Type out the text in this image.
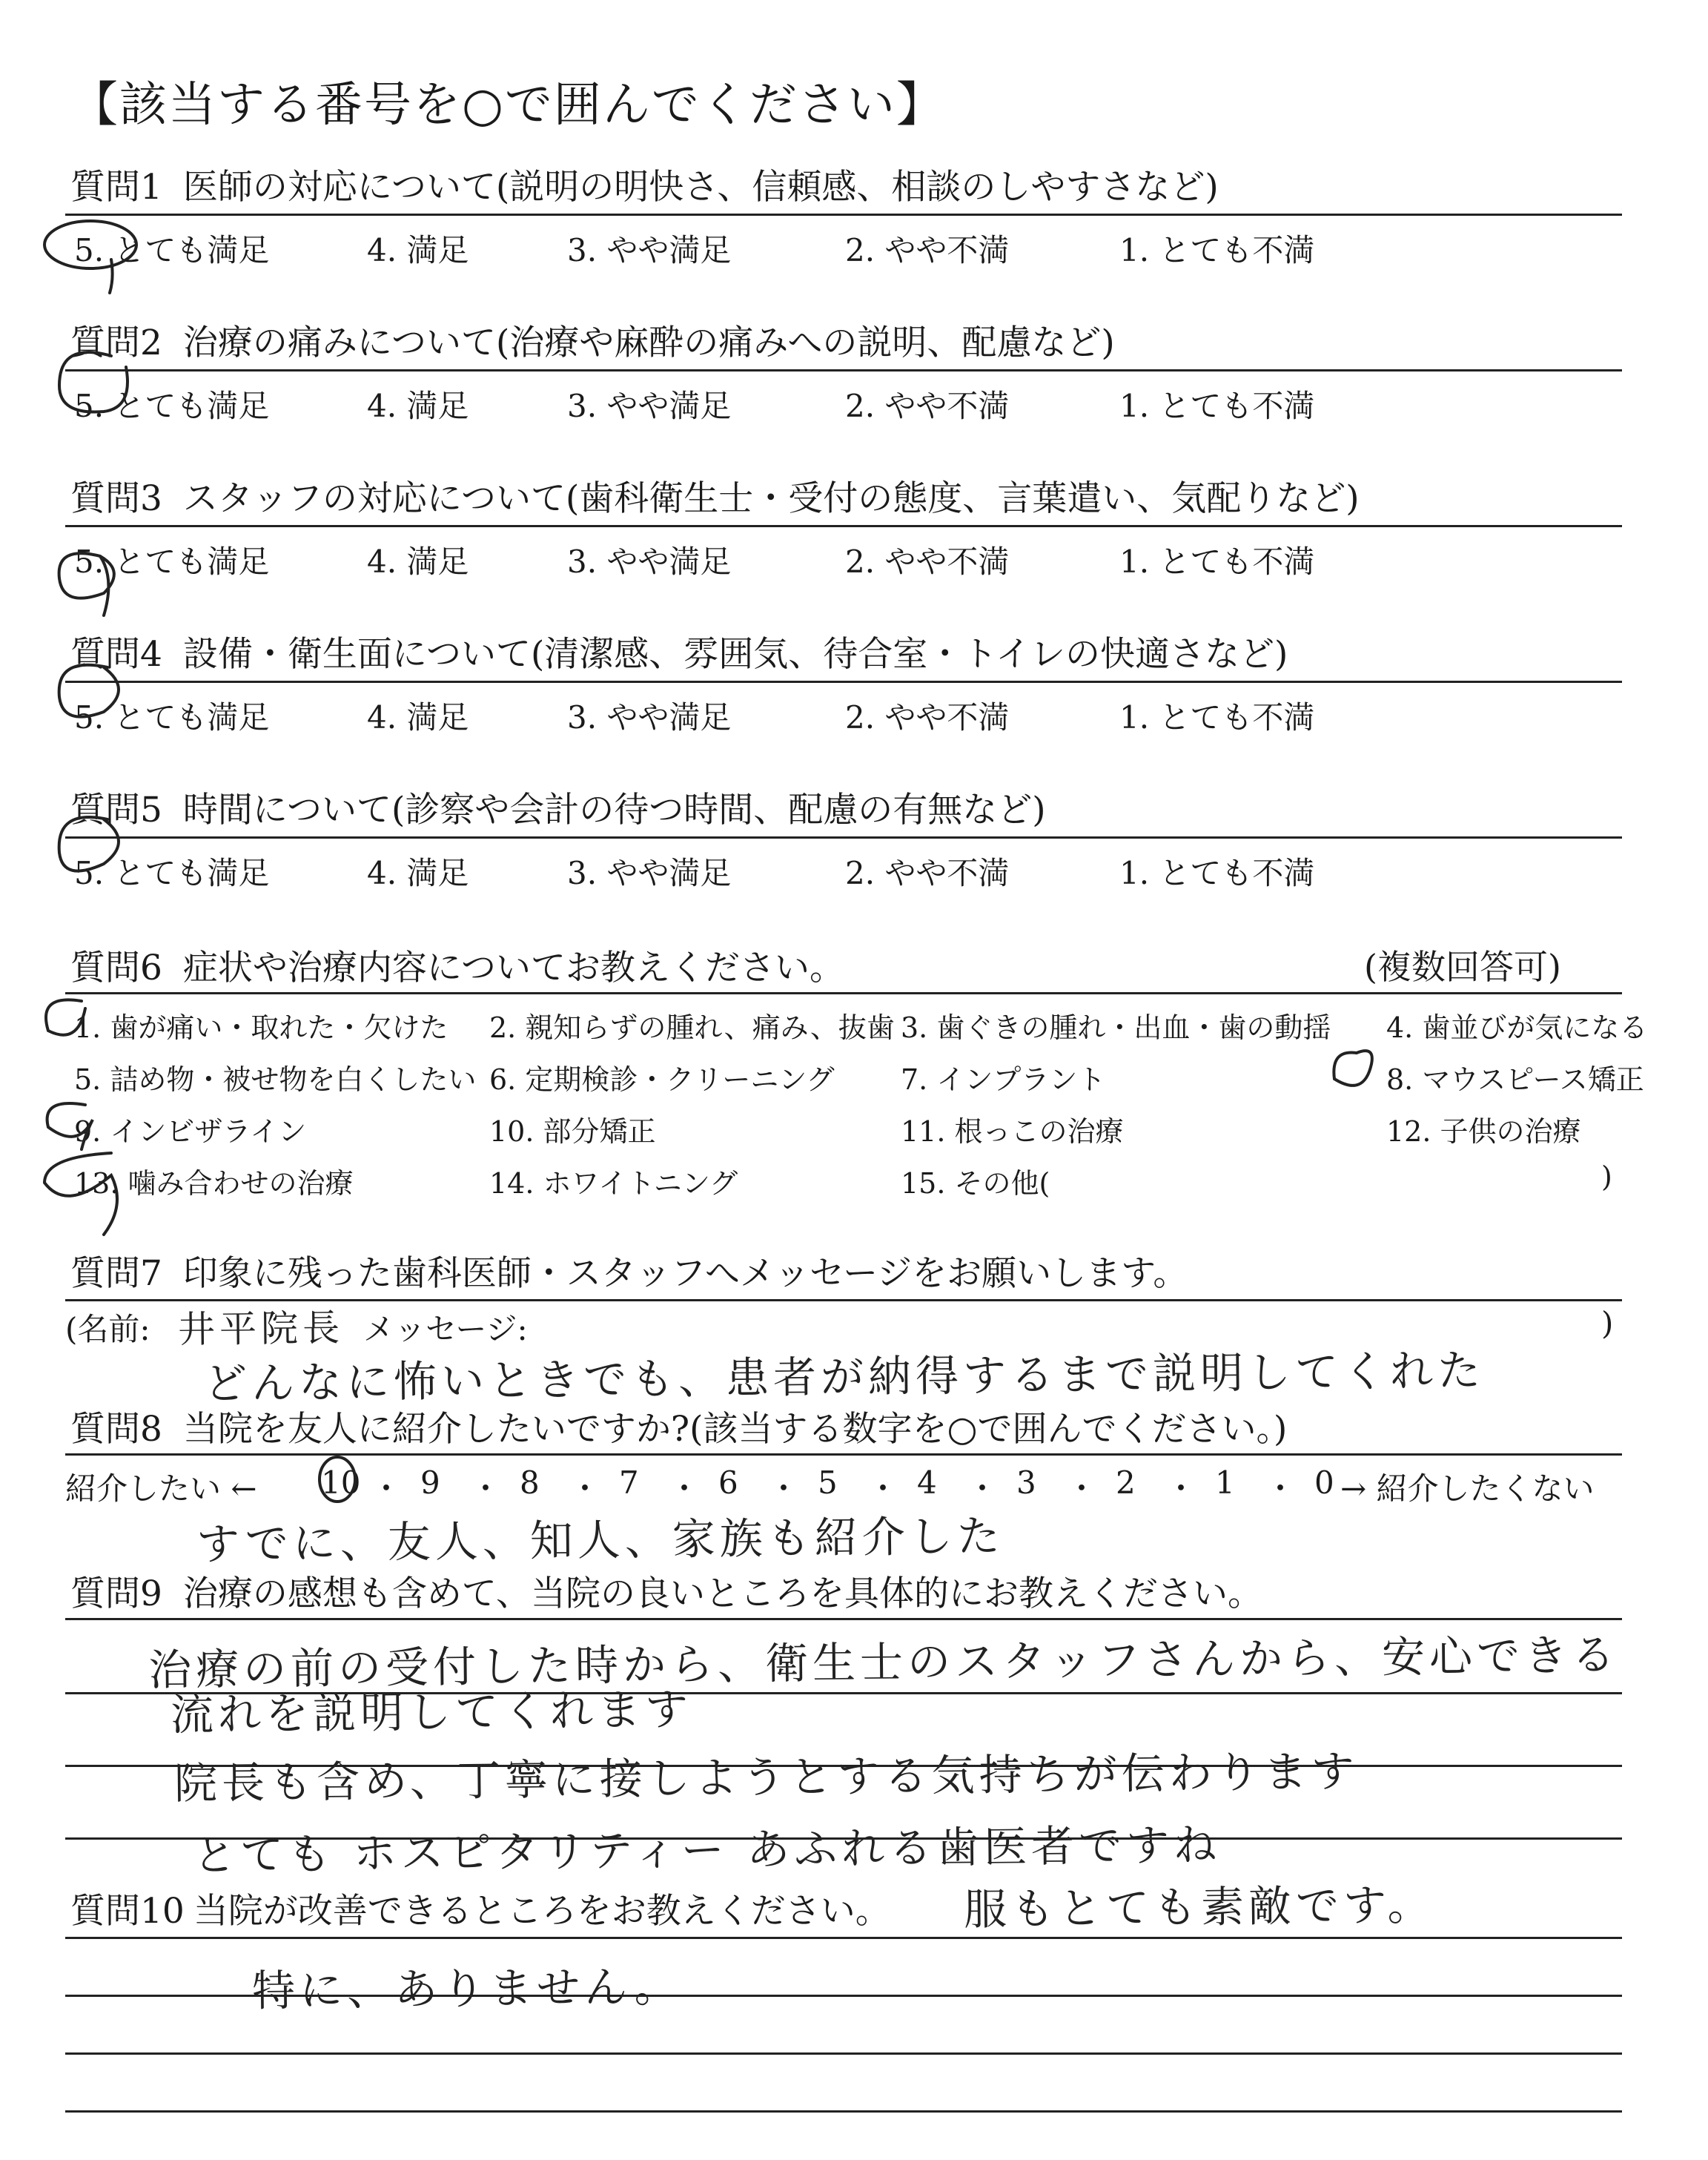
【該当する番号を○で囲んでください】
質問1 医師の対応について(説明の明快さ、信頼感、相談のしやすさなど)
5. とても満足	4. 満足	3. やや満足	2. やや不満	1. とても不満
質問2 治療の痛みについて(治療や麻酔の痛みへの説明、配慮など)
5. とても満足	4. 満足	3. やや満足	2. やや不満	1. とても不満
質問3 スタッフの対応について(歯科衛生士・受付の態度、言葉遣い、気配りなど)
5. とても満足	4. 満足	3. やや満足	2. やや不満	1. とても不満
質問4 設備・衛生面について(清潔感、雰囲気、待合室・トイレの快適さなど)
5. とても満足	4. 満足	3. やや満足	2. やや不満	1. とても不満
質問5 時間について(診察や会計の待つ時間、配慮の有無など)
5. とても満足	4. 満足	3. やや満足	2. やや不満	1. とても不満
質問6 症状や治療内容についてお教えください。	(複数回答可)
1. 歯が痛い・取れた・欠けた 2. 親知らずの腫れ、痛み、抜歯 3. 歯ぐきの腫れ・出血・歯の動揺 4. 歯並びが気になる
5. 詰め物・被せ物を白くしたい 6. 定期検診・クリーニング 7. インプラント	8. マウスピース矯正
9. インビザライン	10. 部分矯正	11. 根っこの治療	12. 子供の治療
13. 噛み合わせの治療	14. ホワイトニング	15. その他(	)
質問7 印象に残った歯科医師・スタッフへメッセージをお願いします。
(名前: 井平院長 メッセージ:	)
どんなに怖いときでも、患者が納得するまで説明してくれた
質問8 当院を友人に紹介したいですか?(該当する数字を○で囲んでください。)
紹介したい ←	→ 紹介したくない
10 ・ 9 ・ 8 ・ 7 ・ 6 ・ 5 ・ 4 ・ 3 ・ 2 ・ 1 ・ 0
すでに、友人、知人、家族も紹介した
質問9 治療の感想も含めて、当院の良いところを具体的にお教えください。
治療の前の受付した時から、衛生士のスタッフさんから、安心できる
流れを説明してくれます
院長も含め、丁寧に接しようとする気持ちが伝わります
とても ホスピタリティー あふれる歯医者ですね
質問10 当院が改善できるところをお教えください。 服もとても素敵です。
特に、ありません。
